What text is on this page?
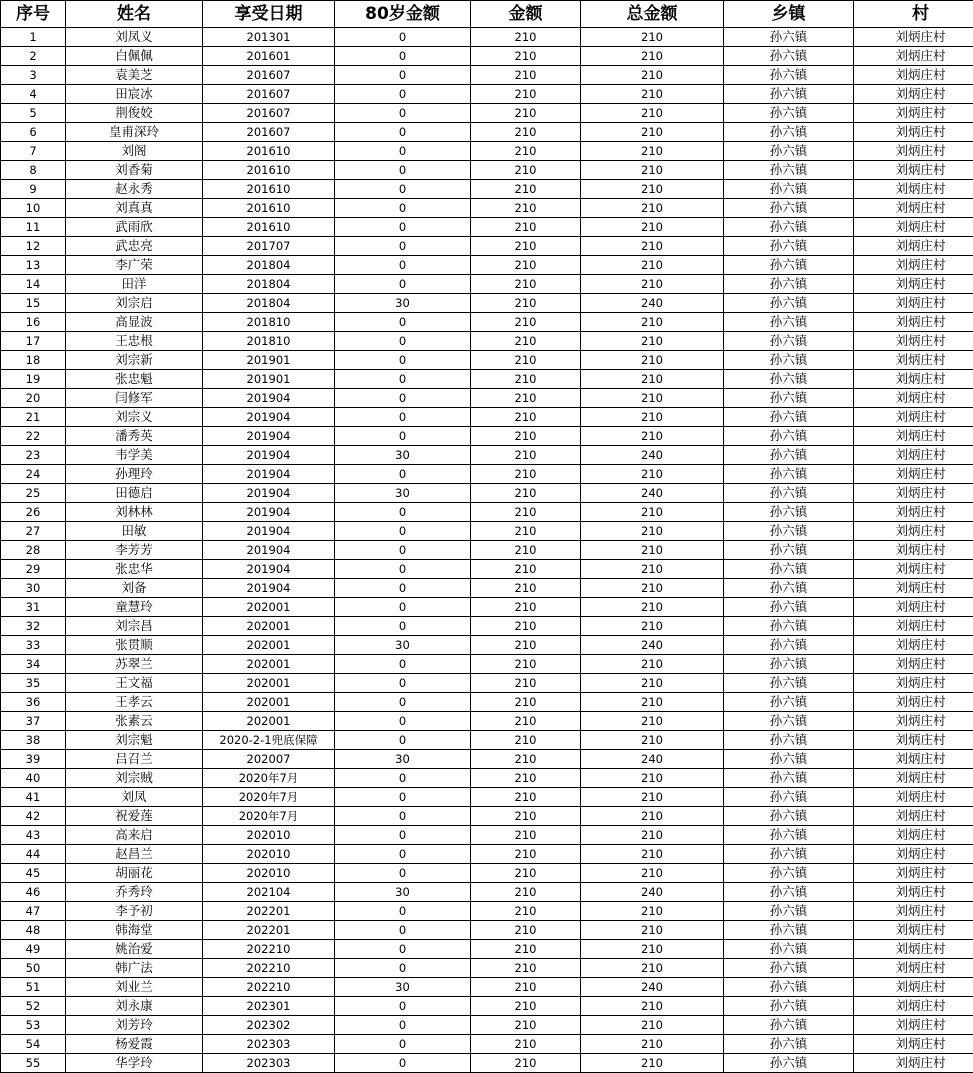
序号	姓名	享受日期	80岁金额	金额	总金额	乡镇	村
1	刘凤义	201301	0	210	210	孙六镇	刘炳庄村
2	白佩佩	201601	0	210	210	孙六镇	刘炳庄村
3	袁美芝	201607	0	210	210	孙六镇	刘炳庄村
4	田宸冰	201607	0	210	210	孙六镇	刘炳庄村
5	荆俊姣	201607	0	210	210	孙六镇	刘炳庄村
6	皇甫深玲	201607	0	210	210	孙六镇	刘炳庄村
7	刘阁	201610	0	210	210	孙六镇	刘炳庄村
8	刘香菊	201610	0	210	210	孙六镇	刘炳庄村
9	赵永秀	201610	0	210	210	孙六镇	刘炳庄村
10	刘真真	201610	0	210	210	孙六镇	刘炳庄村
11	武雨欣	201610	0	210	210	孙六镇	刘炳庄村
12	武忠亮	201707	0	210	210	孙六镇	刘炳庄村
13	李广荣	201804	0	210	210	孙六镇	刘炳庄村
14	田洋	201804	0	210	210	孙六镇	刘炳庄村
15	刘宗启	201804	30	210	240	孙六镇	刘炳庄村
16	高显波	201810	0	210	210	孙六镇	刘炳庄村
17	王忠根	201810	0	210	210	孙六镇	刘炳庄村
18	刘宗新	201901	0	210	210	孙六镇	刘炳庄村
19	张忠魁	201901	0	210	210	孙六镇	刘炳庄村
20	闫修军	201904	0	210	210	孙六镇	刘炳庄村
21	刘宗义	201904	0	210	210	孙六镇	刘炳庄村
22	潘秀英	201904	0	210	210	孙六镇	刘炳庄村
23	韦学美	201904	30	210	240	孙六镇	刘炳庄村
24	孙理玲	201904	0	210	210	孙六镇	刘炳庄村
25	田德启	201904	30	210	240	孙六镇	刘炳庄村
26	刘林林	201904	0	210	210	孙六镇	刘炳庄村
27	田敏	201904	0	210	210	孙六镇	刘炳庄村
28	李芳芳	201904	0	210	210	孙六镇	刘炳庄村
29	张忠华	201904	0	210	210	孙六镇	刘炳庄村
30	刘备	201904	0	210	210	孙六镇	刘炳庄村
31	童慧玲	202001	0	210	210	孙六镇	刘炳庄村
32	刘宗昌	202001	0	210	210	孙六镇	刘炳庄村
33	张贯顺	202001	30	210	240	孙六镇	刘炳庄村
34	苏翠兰	202001	0	210	210	孙六镇	刘炳庄村
35	王文福	202001	0	210	210	孙六镇	刘炳庄村
36	王孝云	202001	0	210	210	孙六镇	刘炳庄村
37	张素云	202001	0	210	210	孙六镇	刘炳庄村
38	刘宗魁	2020-2-1兜底保障	0	210	210	孙六镇	刘炳庄村
39	吕召兰	202007	30	210	240	孙六镇	刘炳庄村
40	刘宗贼	2020年7月	0	210	210	孙六镇	刘炳庄村
41	刘凤	2020年7月	0	210	210	孙六镇	刘炳庄村
42	祝爱莲	2020年7月	0	210	210	孙六镇	刘炳庄村
43	高来启	202010	0	210	210	孙六镇	刘炳庄村
44	赵昌兰	202010	0	210	210	孙六镇	刘炳庄村
45	胡丽花	202010	0	210	210	孙六镇	刘炳庄村
46	乔秀玲	202104	30	210	240	孙六镇	刘炳庄村
47	李予初	202201	0	210	210	孙六镇	刘炳庄村
48	韩海堂	202201	0	210	210	孙六镇	刘炳庄村
49	姚治爱	202210	0	210	210	孙六镇	刘炳庄村
50	韩广法	202210	0	210	210	孙六镇	刘炳庄村
51	刘业兰	202210	30	210	240	孙六镇	刘炳庄村
52	刘永康	202301	0	210	210	孙六镇	刘炳庄村
53	刘芳玲	202302	0	210	210	孙六镇	刘炳庄村
54	杨爱霞	202303	0	210	210	孙六镇	刘炳庄村
55	华学玲	202303	0	210	210	孙六镇	刘炳庄村
